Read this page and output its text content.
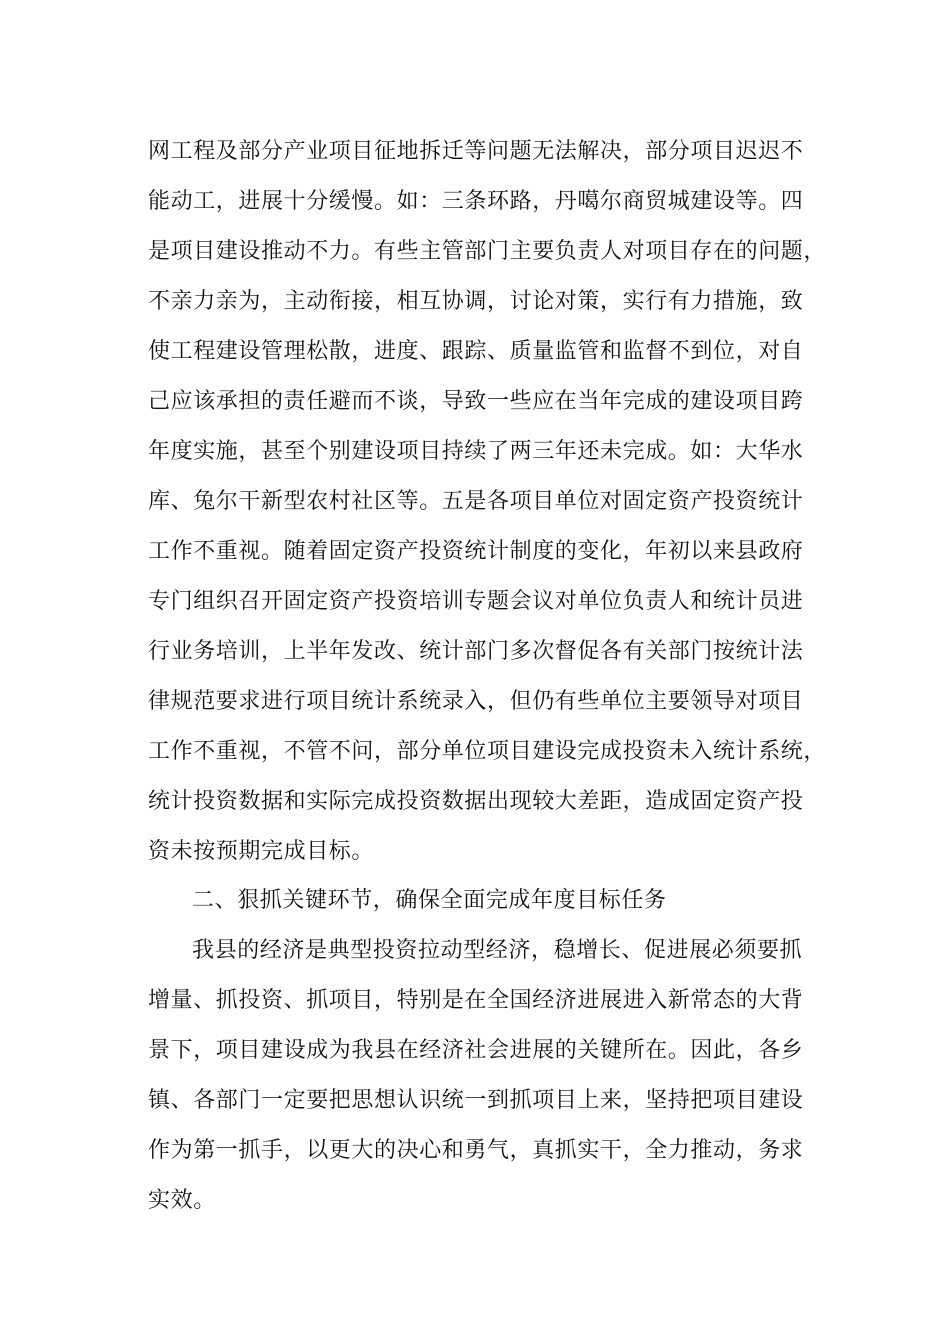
网工程及部分产业项目征地拆迁等问题无法解决，部分项目迟迟不

能动工，进展十分缓慢。如：三条环路，丹噶尔商贸城建设等。四

是项目建设推动不力。有些主管部门主要负责人对项目存在的问题，

不亲力亲为，主动衔接，相互协调，讨论对策，实行有力措施，致

使工程建设管理松散，进度、跟踪、质量监管和监督不到位，对自

己应该承担的责任避而不谈，导致一些应在当年完成的建设项目跨

年度实施，甚至个别建设项目持续了两三年还未完成。如：大华水

库、兔尔干新型农村社区等。五是各项目单位对固定资产投资统计

工作不重视。随着固定资产投资统计制度的变化，年初以来县政府

专门组织召开固定资产投资培训专题会议对单位负责人和统计员进

行业务培训，上半年发改、统计部门多次督促各有关部门按统计法

律规范要求进行项目统计系统录入，但仍有些单位主要领导对项目

工作不重视，不管不问，部分单位项目建设完成投资未入统计系统，

统计投资数据和实际完成投资数据出现较大差距，造成固定资产投

资未按预期完成目标。

二、狠抓关键环节，确保全面完成年度目标任务

我县的经济是典型投资拉动型经济，稳增长、促进展必须要抓

增量、抓投资、抓项目，特别是在全国经济进展进入新常态的大背

景下，项目建设成为我县在经济社会进展的关键所在。因此，各乡

镇、各部门一定要把思想认识统一到抓项目上来，坚持把项目建设

作为第一抓手，以更大的决心和勇气，真抓实干，全力推动，务求

实效。
